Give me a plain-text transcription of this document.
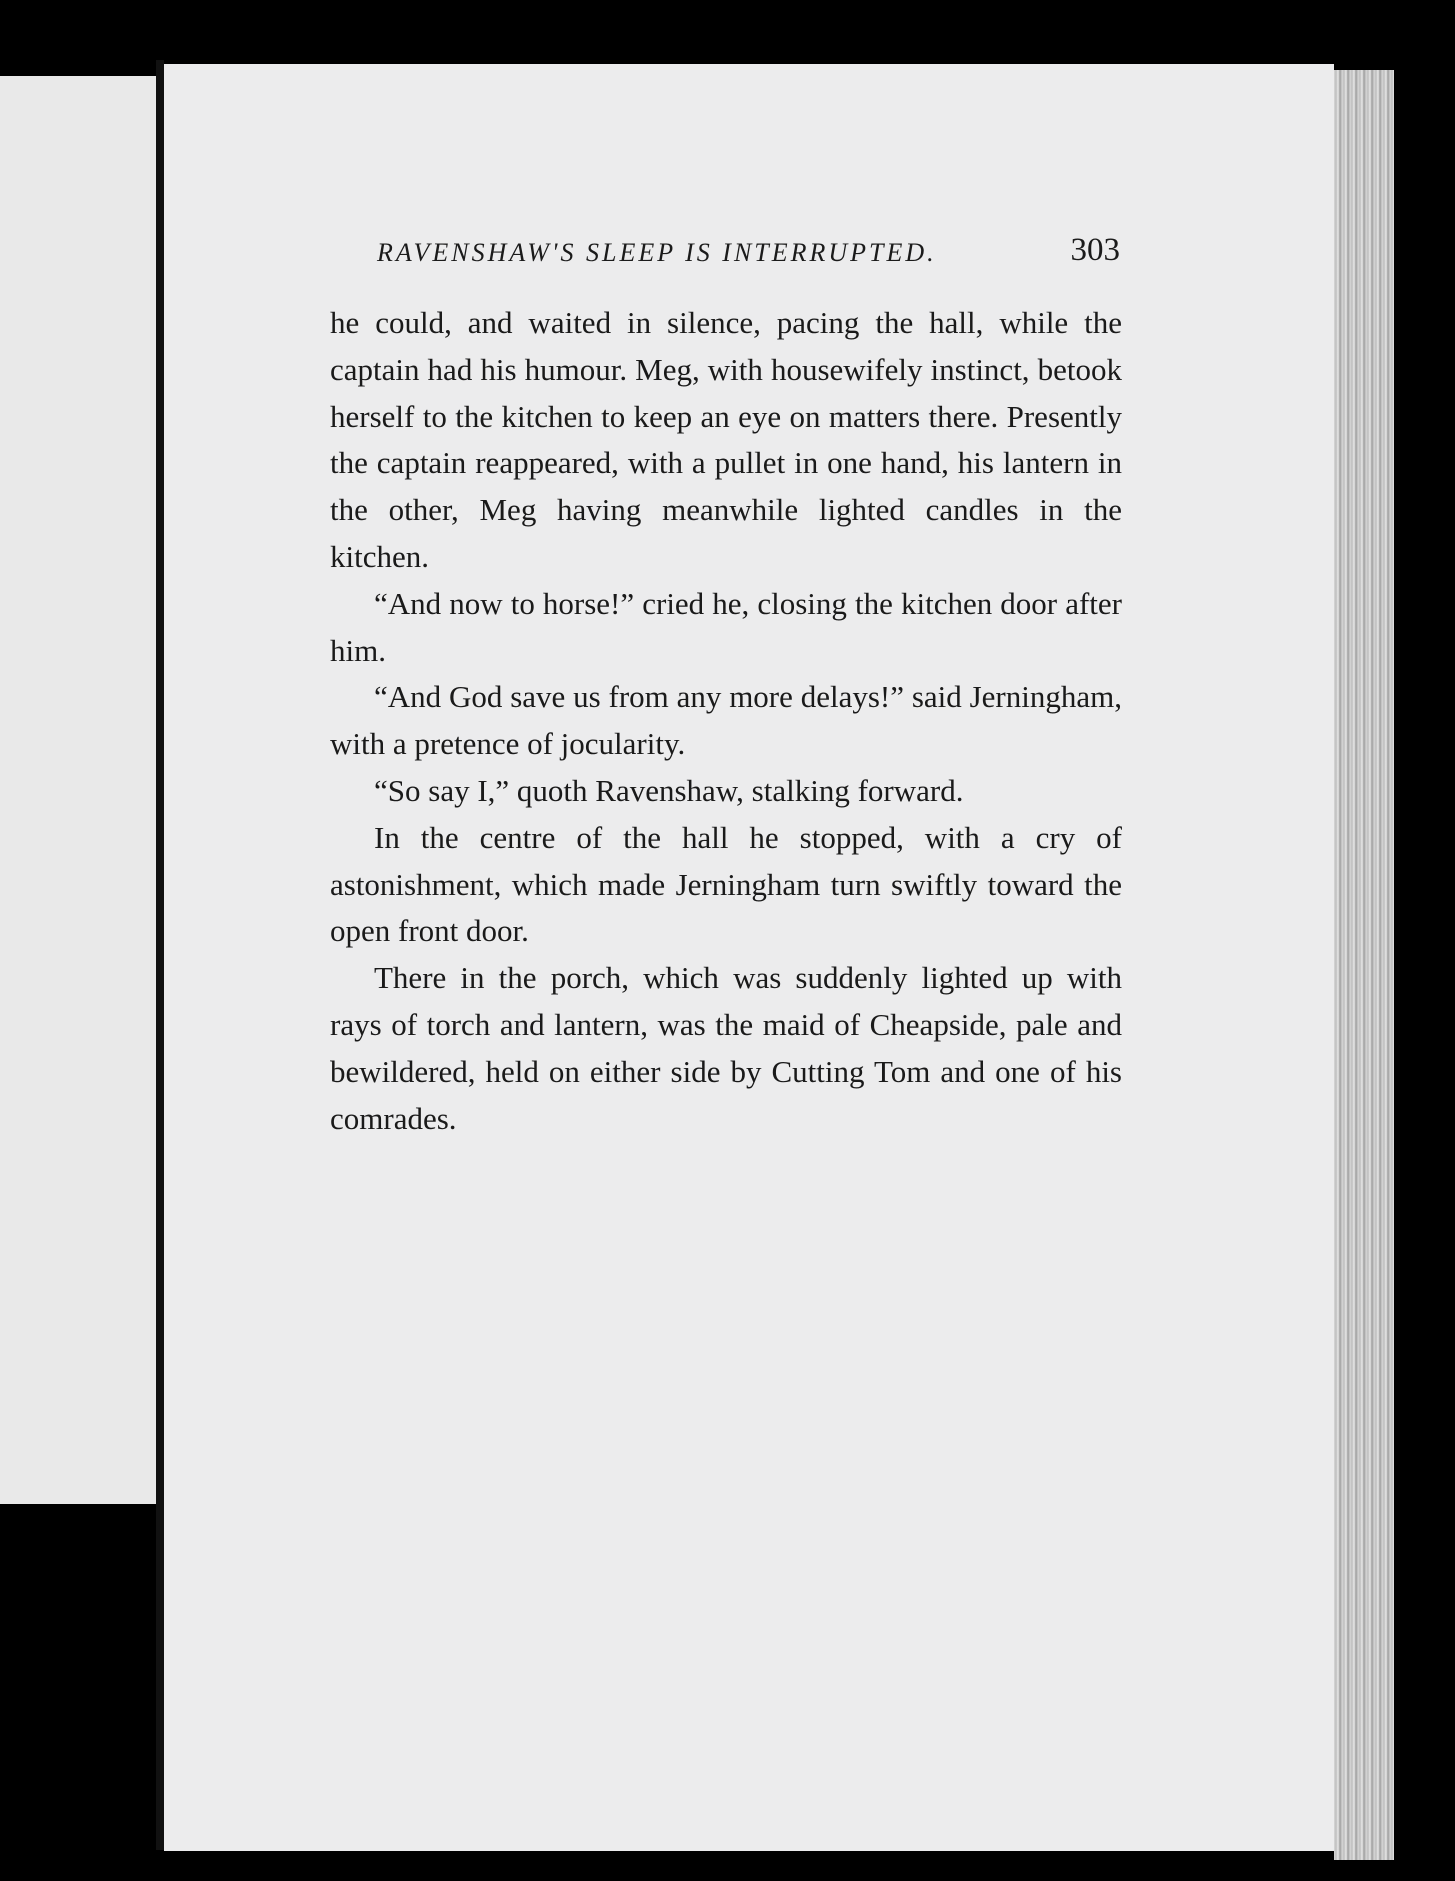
RAVENSHAW'S SLEEP IS INTERRUPTED.	303

he could, and waited in silence, pacing the hall, while the captain had his humour. Meg, with housewifely instinct, betook herself to the kitchen to keep an eye on matters there. Presently the captain reappeared, with a pullet in one hand, his lantern in the other, Meg having meanwhile lighted candles in the kitchen.

“And now to horse!” cried he, closing the kitchen door after him.

“And God save us from any more delays!” said Jerningham, with a pretence of jocularity.

“So say I,” quoth Ravenshaw, stalking forward.

In the centre of the hall he stopped, with a cry of astonishment, which made Jerningham turn swiftly toward the open front door.

There in the porch, which was suddenly lighted up with rays of torch and lantern, was the maid of Cheapside, pale and bewildered, held on either side by Cutting Tom and one of his comrades.
